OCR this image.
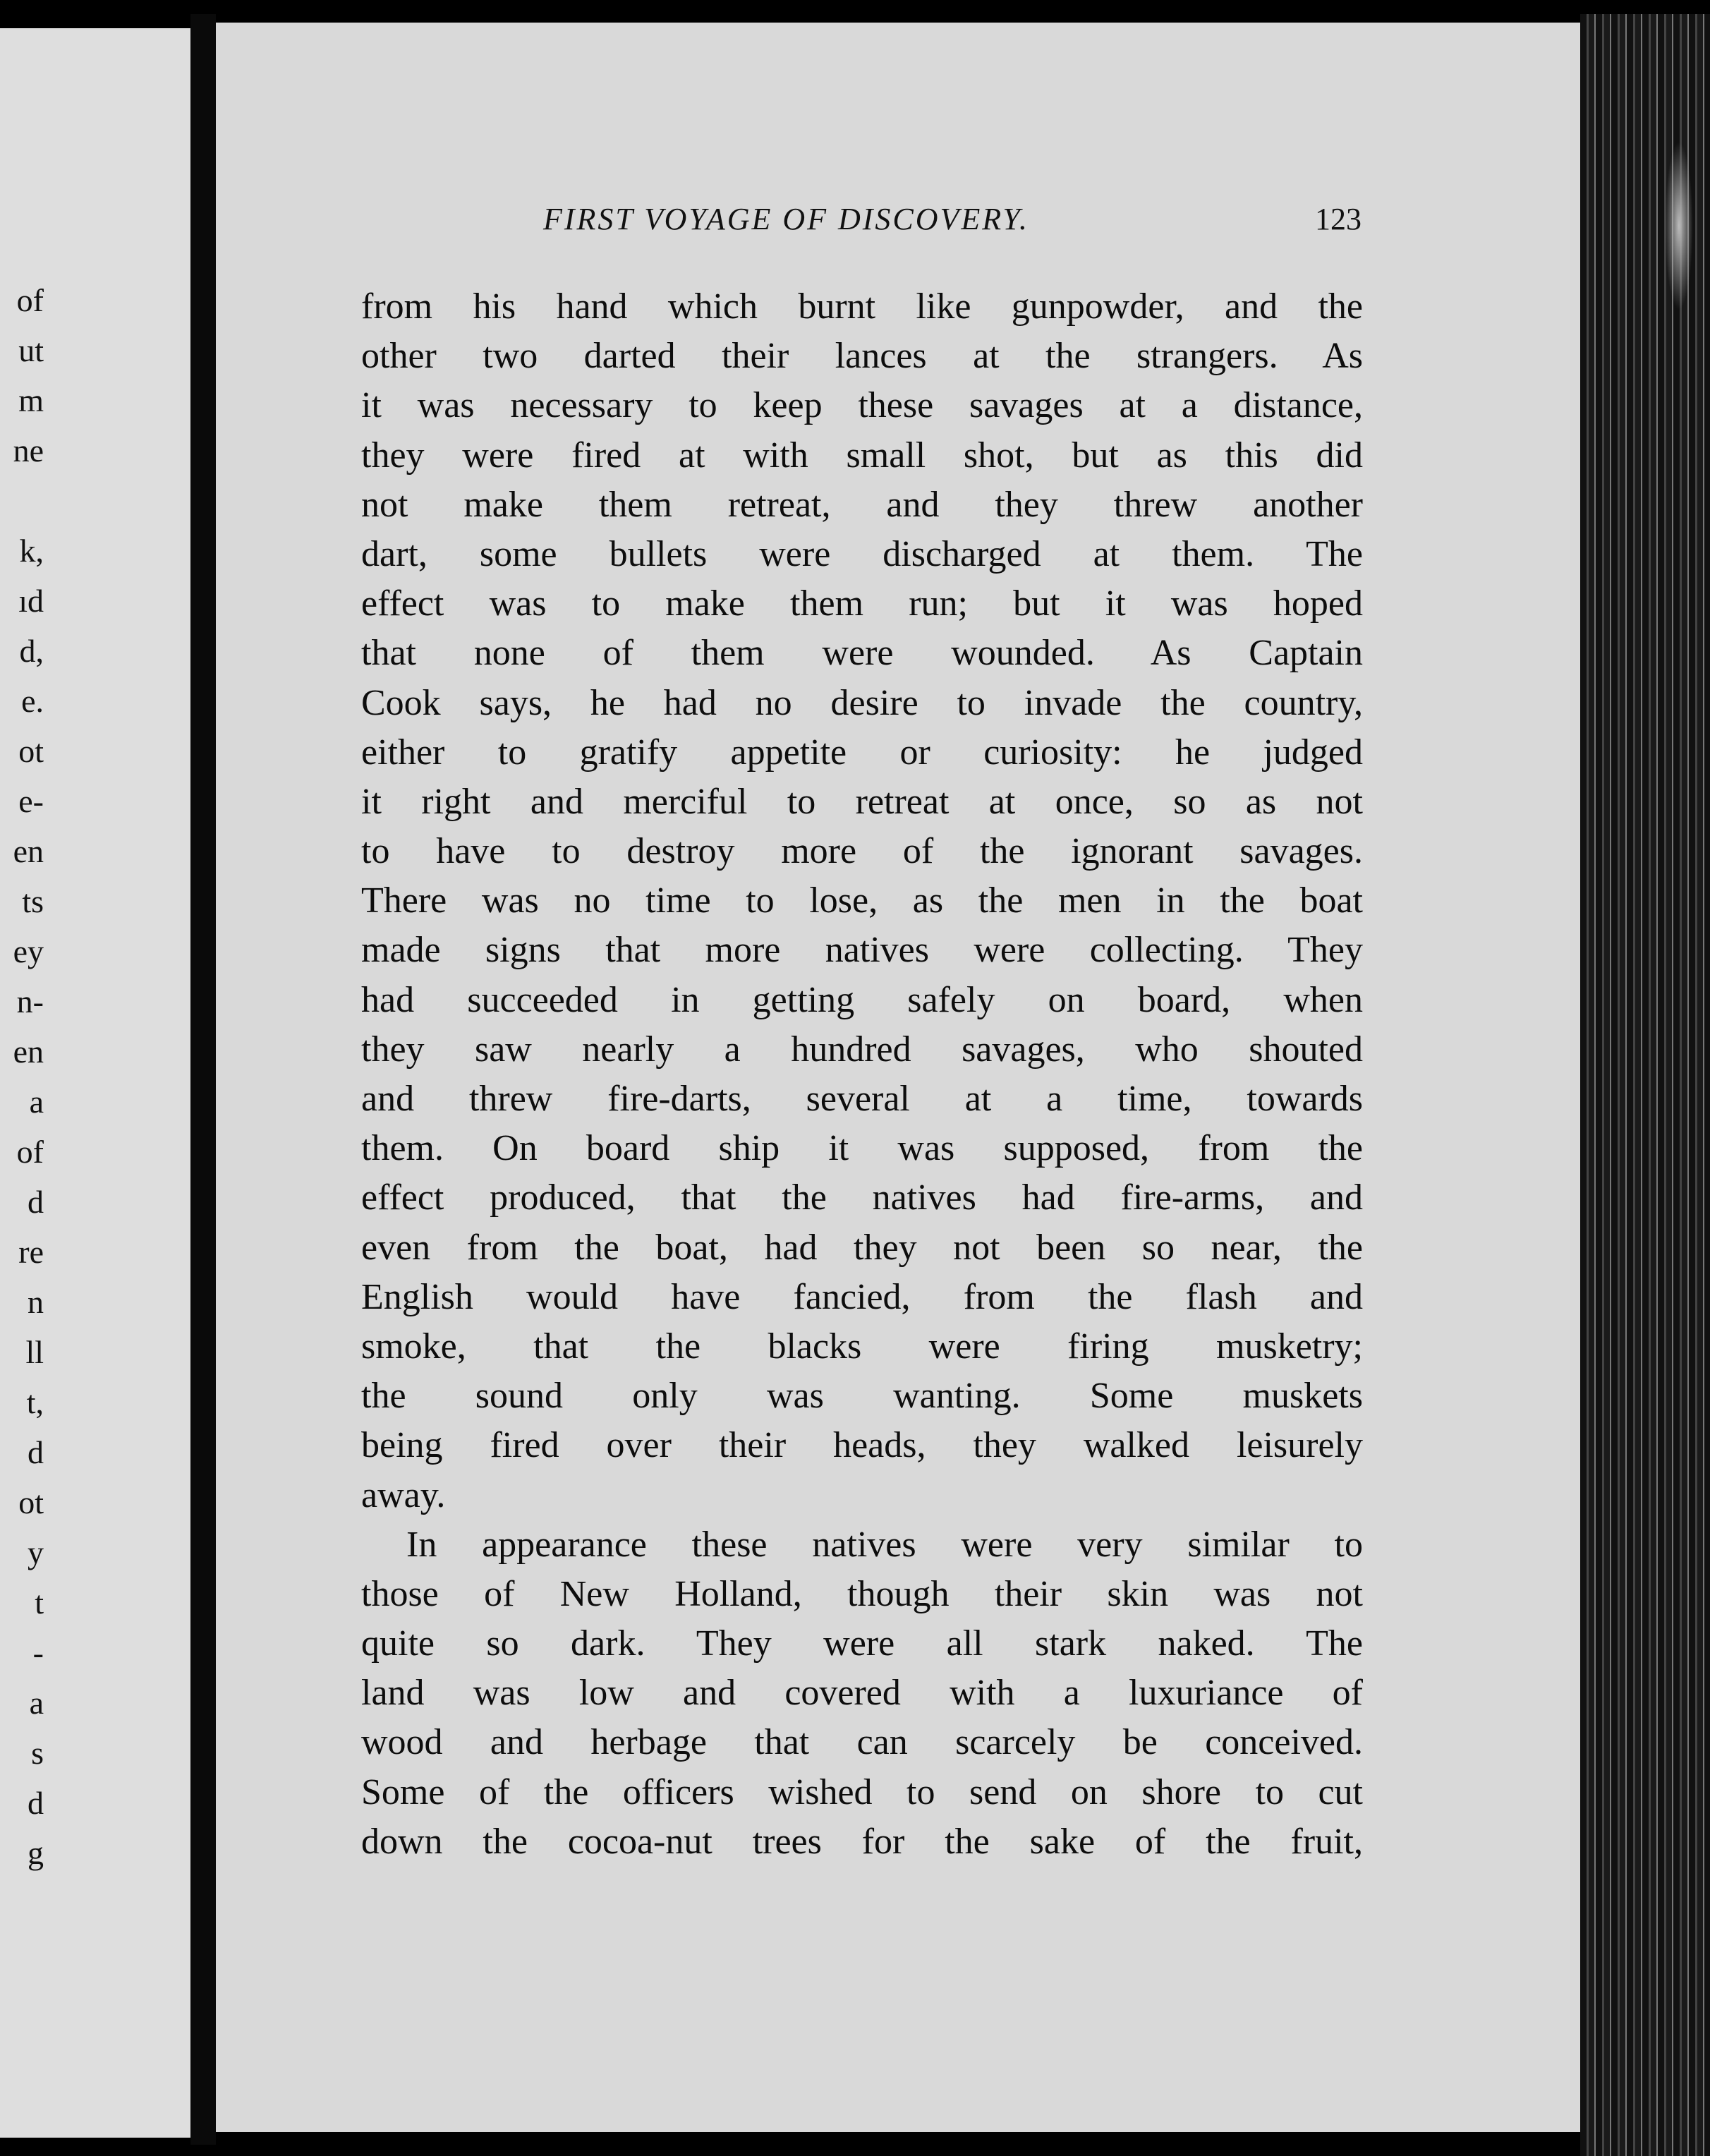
of
ut
m
ne
k,
ıd
d,
e.
ot
e-
en
ts
ey
n-
en
a
of
d
re
n
ll
t,
d
ot
y
t
-
a
s
d
g
FIRST VOYAGE OF DISCOVERY.	123
from his hand which burnt like gunpowder, and the
other two darted their lances at the strangers. As
it was necessary to keep these savages at a distance,
they were fired at with small shot, but as this did
not make them retreat, and they threw another
dart, some bullets were discharged at them. The
effect was to make them run; but it was hoped
that none of them were wounded. As Captain
Cook says, he had no desire to invade the country,
either to gratify appetite or curiosity: he judged
it right and merciful to retreat at once, so as not
to have to destroy more of the ignorant savages.
There was no time to lose, as the men in the boat
made signs that more natives were collecting. They
had succeeded in getting safely on board, when
they saw nearly a hundred savages, who shouted
and threw fire-darts, several at a time, towards
them. On board ship it was supposed, from the
effect produced, that the natives had fire-arms, and
even from the boat, had they not been so near, the
English would have fancied, from the flash and
smoke, that the blacks were firing musketry;
the sound only was wanting. Some muskets
being fired over their heads, they walked leisurely
away.
In appearance these natives were very similar to
those of New Holland, though their skin was not
quite so dark. They were all stark naked. The
land was low and covered with a luxuriance of
wood and herbage that can scarcely be conceived.
Some of the officers wished to send on shore to cut
down the cocoa-nut trees for the sake of the fruit,
